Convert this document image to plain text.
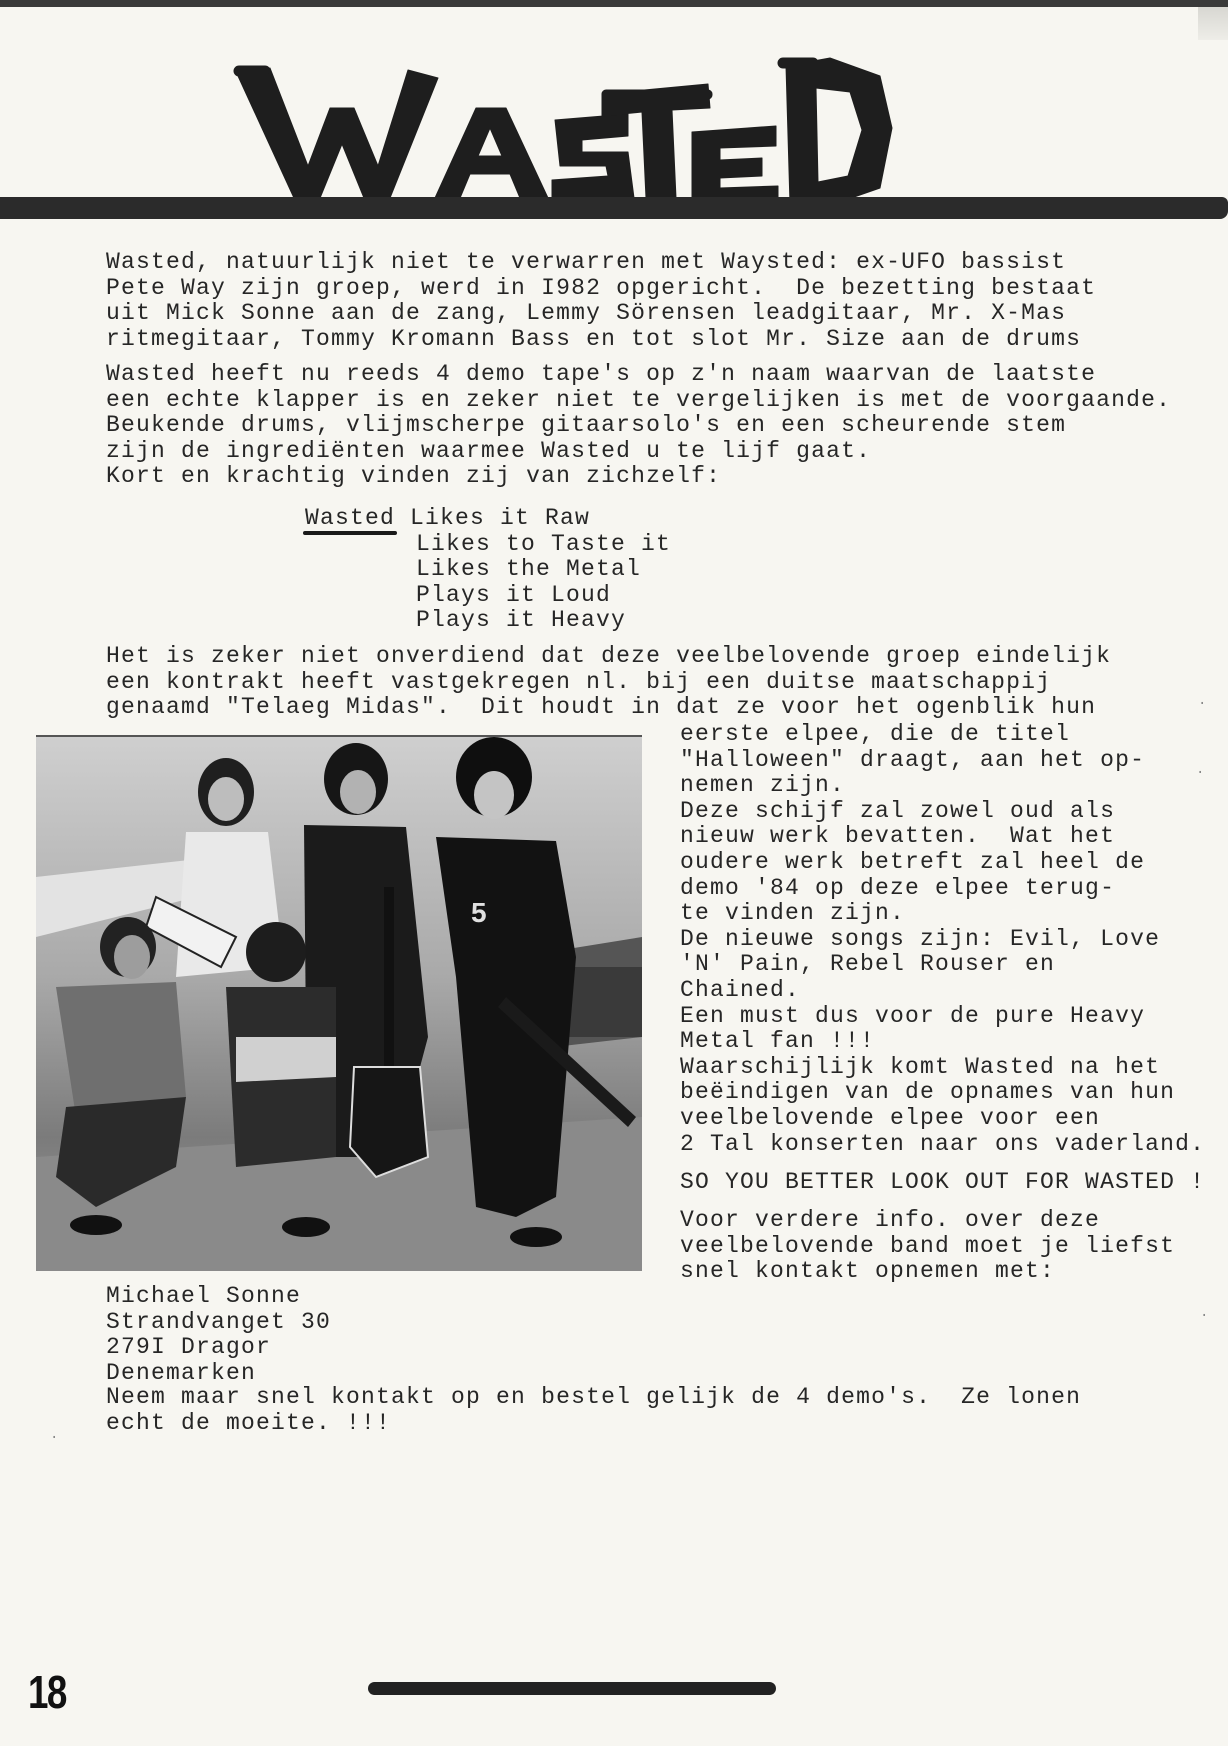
Wasted, natuurlijk niet te verwarren met Waysted: ex-UFO bassist
Pete Way zijn groep, werd in I982 opgericht.  De bezetting bestaat
uit Mick Sonne aan de zang, Lemmy Sörensen leadgitaar, Mr. X-Mas
ritmegitaar, Tommy Kromann Bass en tot slot Mr. Size aan de drums
Wasted heeft nu reeds 4 demo tape's op z'n naam waarvan de laatste
een echte klapper is en zeker niet te vergelijken is met de voorgaande.
Beukende drums, vlijmscherpe gitaarsolo's en een scheurende stem
zijn de ingrediënten waarmee Wasted u te lijf gaat.
Kort en krachtig vinden zij van zichzelf:
Wasted Likes it Raw
Likes to Taste it
Likes the Metal
Plays it Loud
Plays it Heavy
Het is zeker niet onverdiend dat deze veelbelovende groep eindelijk
een kontrakt heeft vastgekregen nl. bij een duitse maatschappij
genaamd "Telaeg Midas".  Dit houdt in dat ze voor het ogenblik hun
5
eerste elpee, die de titel
"Halloween" draagt, aan het op-
nemen zijn.
Deze schijf zal zowel oud als
nieuw werk bevatten.  Wat het
oudere werk betreft zal heel de
demo '84 op deze elpee terug-
te vinden zijn.
De nieuwe songs zijn: Evil, Love
'N' Pain, Rebel Rouser en
Chained.
Een must dus voor de pure Heavy
Metal fan !!!
Waarschijlijk komt Wasted na het
beëindigen van de opnames van hun
veelbelovende elpee voor een
2 Tal konserten naar ons vaderland.
SO YOU BETTER LOOK OUT FOR WASTED !
Voor verdere info. over deze
veelbelovende band moet je liefst
snel kontakt opnemen met:
Michael Sonne
Strandvanget 30
279I Dragor
Denemarken
Neem maar snel kontakt op en bestel gelijk de 4 demo's.  Ze lonen
echt de moeite. !!!
18
·
·
·
·
